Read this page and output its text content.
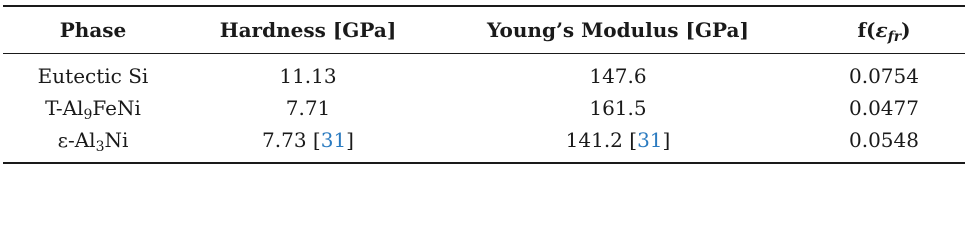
Phase	Hardness [GPa]	Young’s Modulus [GPa]	$f(\varepsilon_{fr})$
Eutectic Si	11.13	147.6	0.0754
$T-Al_9FeNi$	7.71	161.5	0.0477
$\varepsilon-Al_3Ni$	7.73 [31]	141.2 [31]	0.0548
